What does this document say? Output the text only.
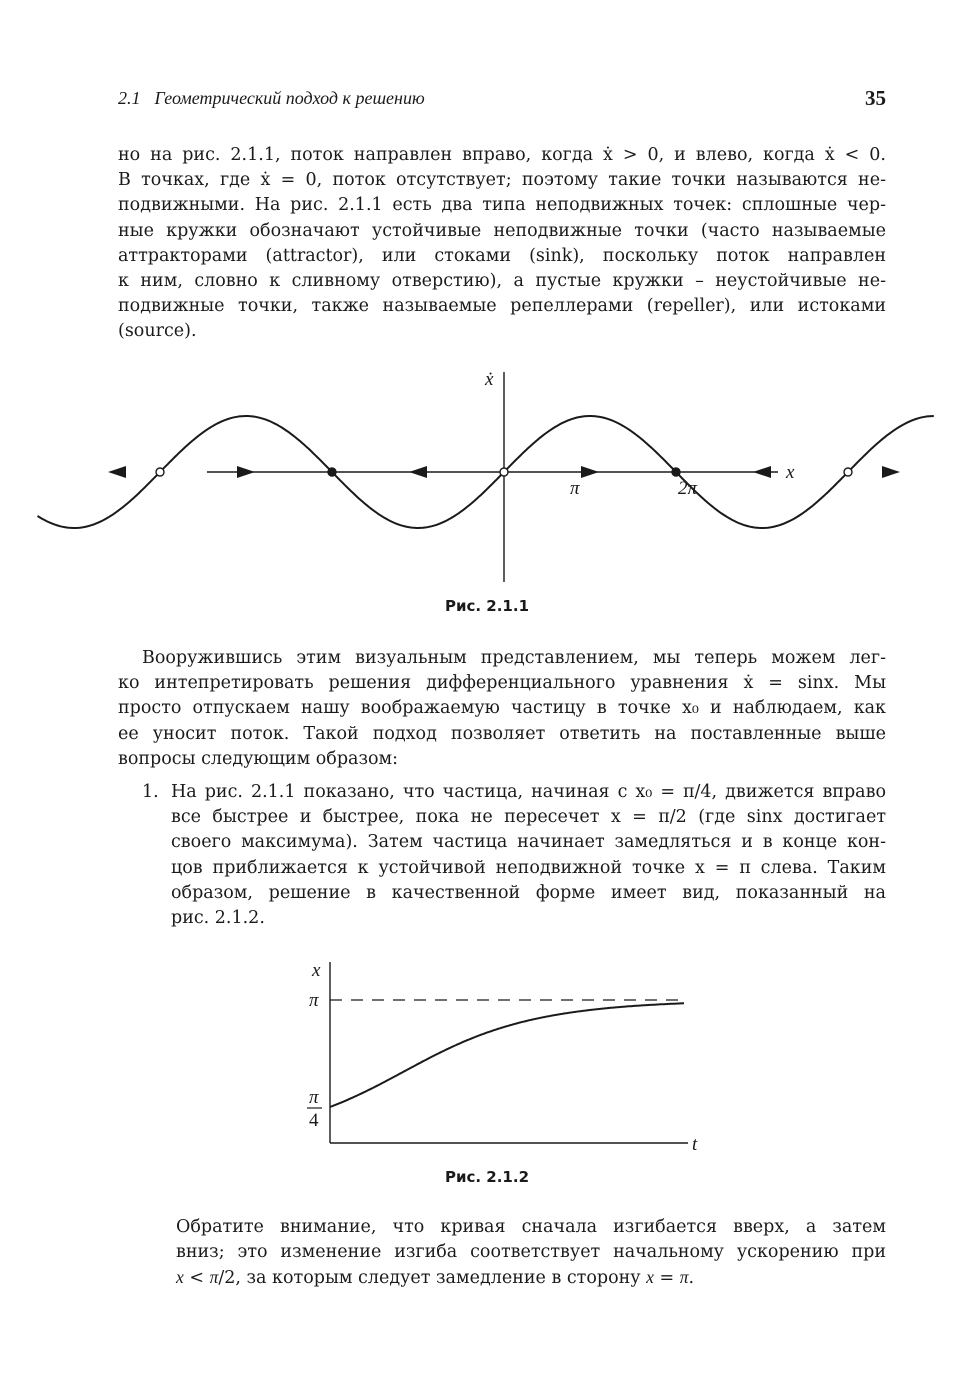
2.1 Геометрический подход к решению	35
но на рис. 2.1.1, поток направлен вправо, когда ẋ > 0, и влево, когда ẋ < 0.
В точках, где ẋ = 0, поток отсутствует; поэтому такие точки называются не-
подвижными. На рис. 2.1.1 есть два типа неподвижных точек: сплошные чер-
ные кружки обозначают устойчивые неподвижные точки (часто называемые
аттракторами (attractor), или стоками (sink), поскольку поток направлен
к ним, словно к сливному отверстию), а пустые кружки – неустойчивые не-
подвижные точки, также называемые репеллерами (repeller), или истоками
(source).
ẋ
x
π	2π
Рис. 2.1.1
Вооружившись этим визуальным представлением, мы теперь можем лег-
ко интепретировать решения дифференциального уравнения ẋ = sinx. Мы
просто отпускаем нашу воображаемую частицу в точке x₀ и наблюдаем, как
ее уносит поток. Такой подход позволяет ответить на поставленные выше
вопросы следующим образом:
1. На рис. 2.1.1 показано, что частица, начиная с x₀ = π/4, движется вправо
все быстрее и быстрее, пока не пересечет x = π/2 (где sinx достигает
своего максимума). Затем частица начинает замедляться и в конце кон-
цов приближается к устойчивой неподвижной точке x = π слева. Таким
образом, решение в качественной форме имеет вид, показанный на
рис. 2.1.2.
x
π
π
4
t
Рис. 2.1.2
Обратите внимание, что кривая сначала изгибается вверх, а затем
вниз; это изменение изгиба соответствует начальному ускорению при
x < π/2, за которым следует замедление в сторону x = π.
